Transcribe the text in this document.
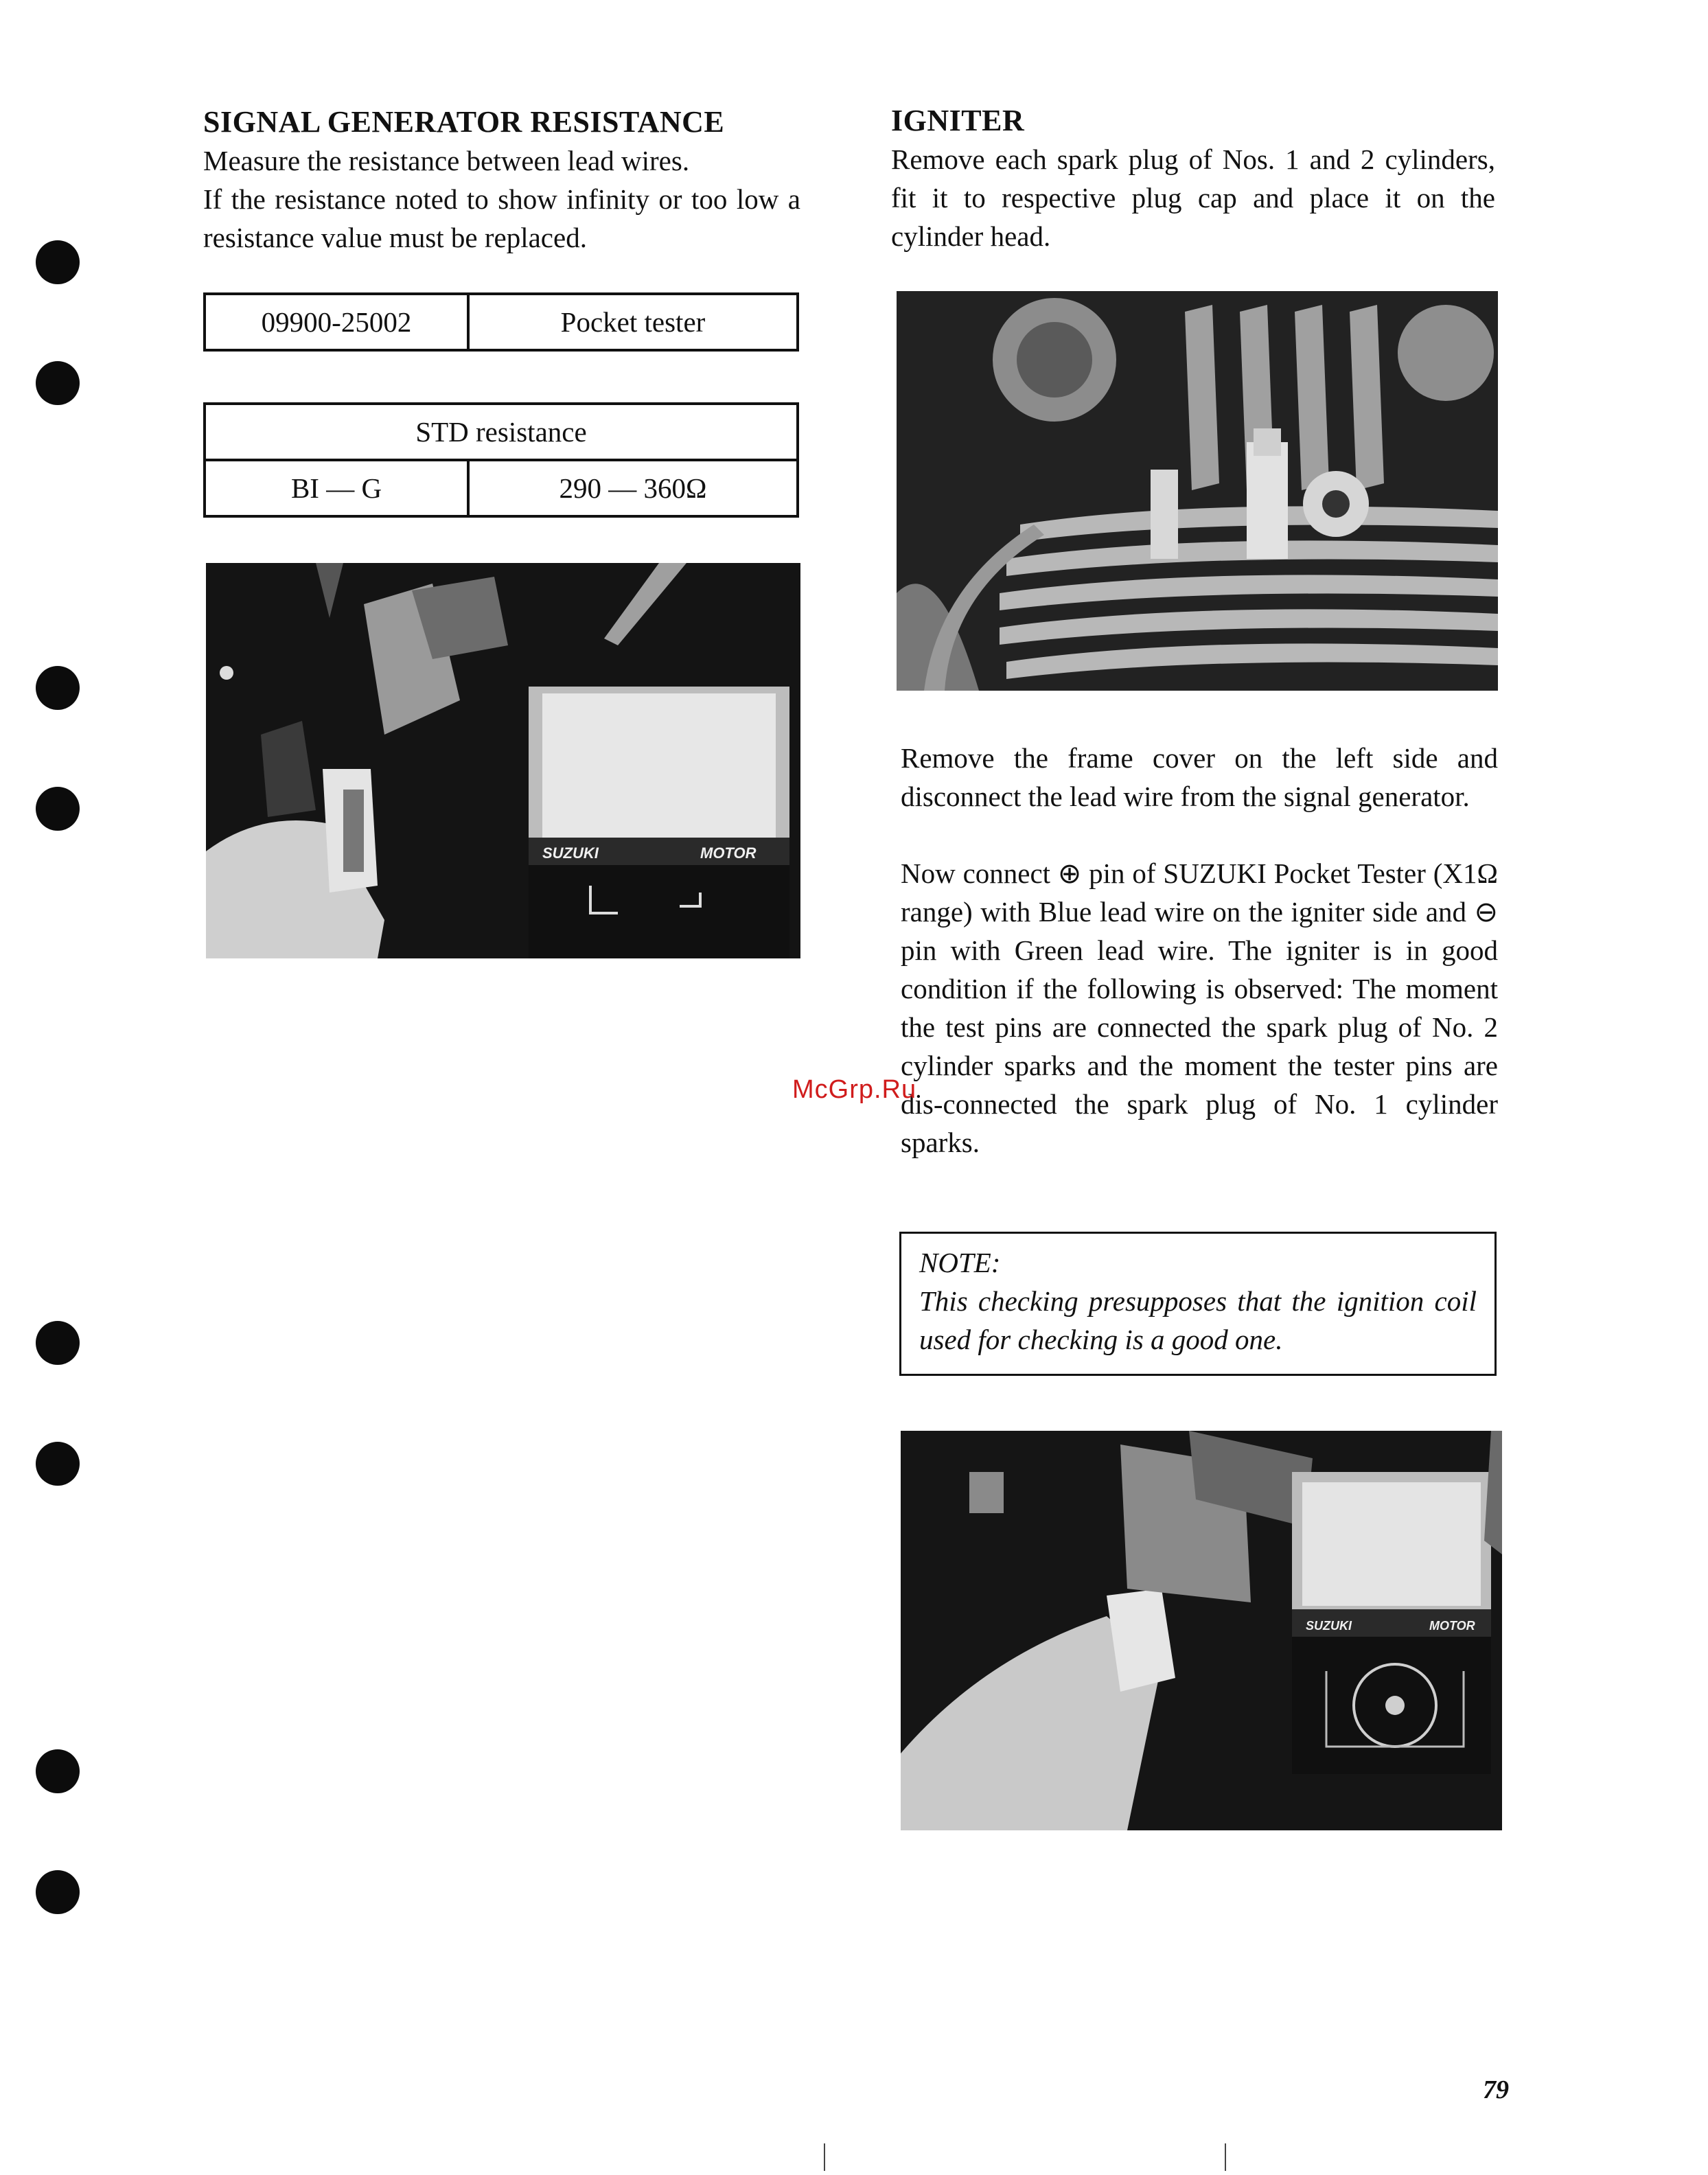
SIGNAL GENERATOR RESISTANCE

Measure the resistance between lead wires.

If the resistance noted to show infinity or too low a resistance value must be replaced.

09900-25002	Pocket tester
STD resistance
BI — G	290 — 360Ω
SUZUKI	MOTOR
IGNITER

Remove each spark plug of Nos. 1 and 2 cylinders, fit it to respective plug cap and place it on the cylinder head.

Remove the frame cover on the left side and disconnect the lead wire from the signal generator.

Now connect ⊕ pin of SUZUKI Pocket Tester (X1Ω range) with Blue lead wire on the igniter side and ⊖ pin with Green lead wire. The igniter is in good condition if the following is observed: The moment the test pins are connected the spark plug of No. 2 cylinder sparks and the moment the tester pins are dis-connected the spark plug of No. 1 cylinder sparks.

NOTE:
This checking presupposes that the ignition coil used for checking is a good one.
SUZUKI	MOTOR
McGrp.Ru
79
